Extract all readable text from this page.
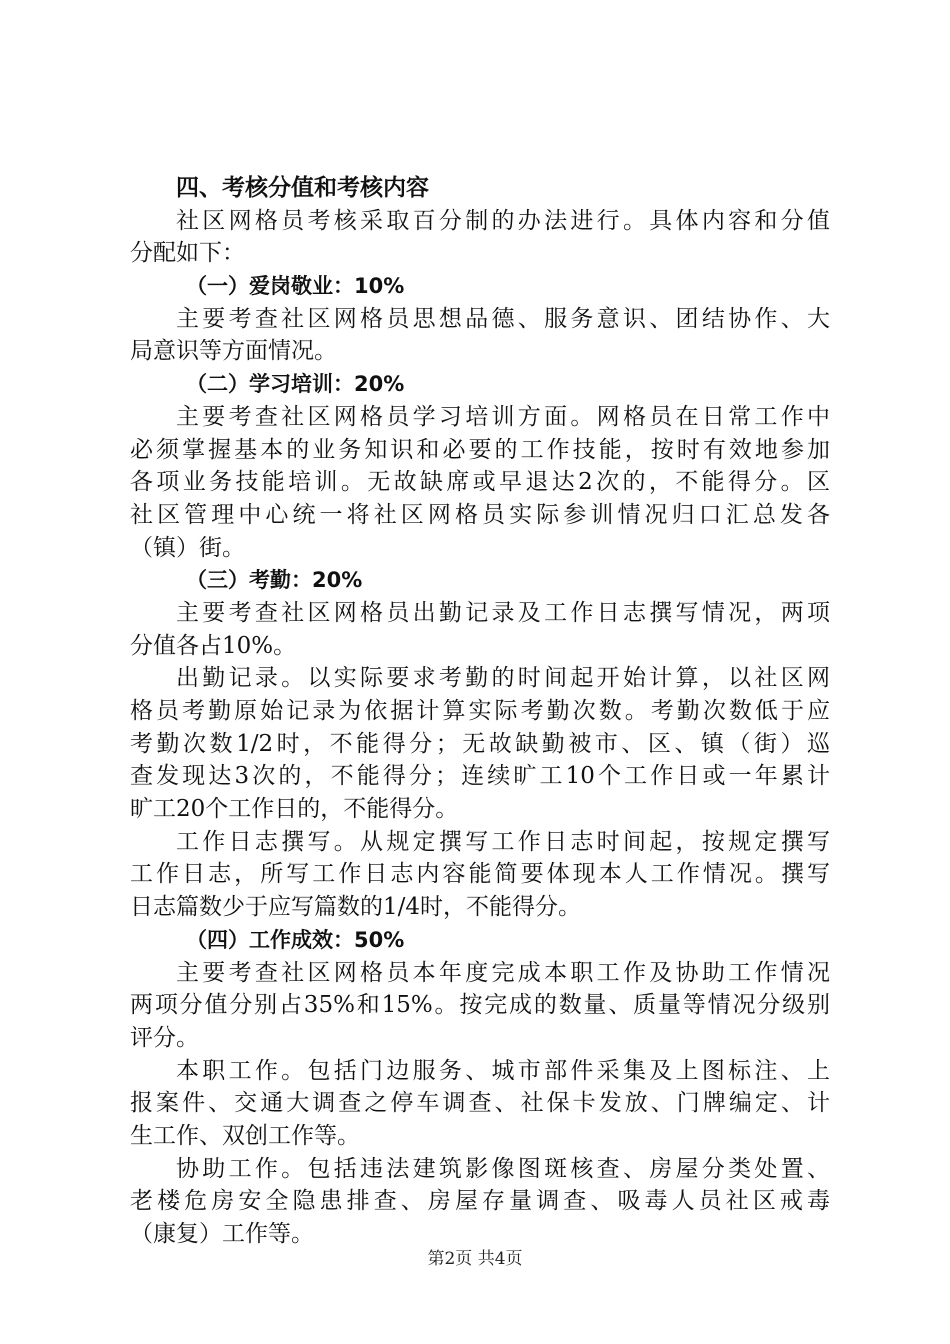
四、考核分值和考核内容
社区网格员考核采取百分制的办法进行。具体内容和分值
分配如下：
（一）爱岗敬业：10%
主要考查社区网格员思想品德、服务意识、团结协作、大
局意识等方面情况。
（二）学习培训：20%
主要考查社区网格员学习培训方面。网格员在日常工作中
必须掌握基本的业务知识和必要的工作技能，按时有效地参加
各项业务技能培训。无故缺席或早退达2次的，不能得分。区
社区管理中心统一将社区网格员实际参训情况归口汇总发各
（镇）街。
（三）考勤：20%
主要考查社区网格员出勤记录及工作日志撰写情况，两项
分值各占10%。
出勤记录。以实际要求考勤的时间起开始计算，以社区网
格员考勤原始记录为依据计算实际考勤次数。考勤次数低于应
考勤次数1/2时，不能得分；无故缺勤被市、区、镇（街）巡
查发现达3次的，不能得分；连续旷工10个工作日或一年累计
旷工20个工作日的，不能得分。
工作日志撰写。从规定撰写工作日志时间起，按规定撰写
工作日志，所写工作日志内容能简要体现本人工作情况。撰写
日志篇数少于应写篇数的1/4时，不能得分。
（四）工作成效：50%
主要考查社区网格员本年度完成本职工作及协助工作情况
两项分值分别占35%和15%。按完成的数量、质量等情况分级别
评分。
本职工作。包括门边服务、城市部件采集及上图标注、上
报案件、交通大调查之停车调查、社保卡发放、门牌编定、计
生工作、双创工作等。
协助工作。包括违法建筑影像图斑核查、房屋分类处置、
老楼危房安全隐患排查、房屋存量调查、吸毒人员社区戒毒
（康复）工作等。
第2页 共4页
